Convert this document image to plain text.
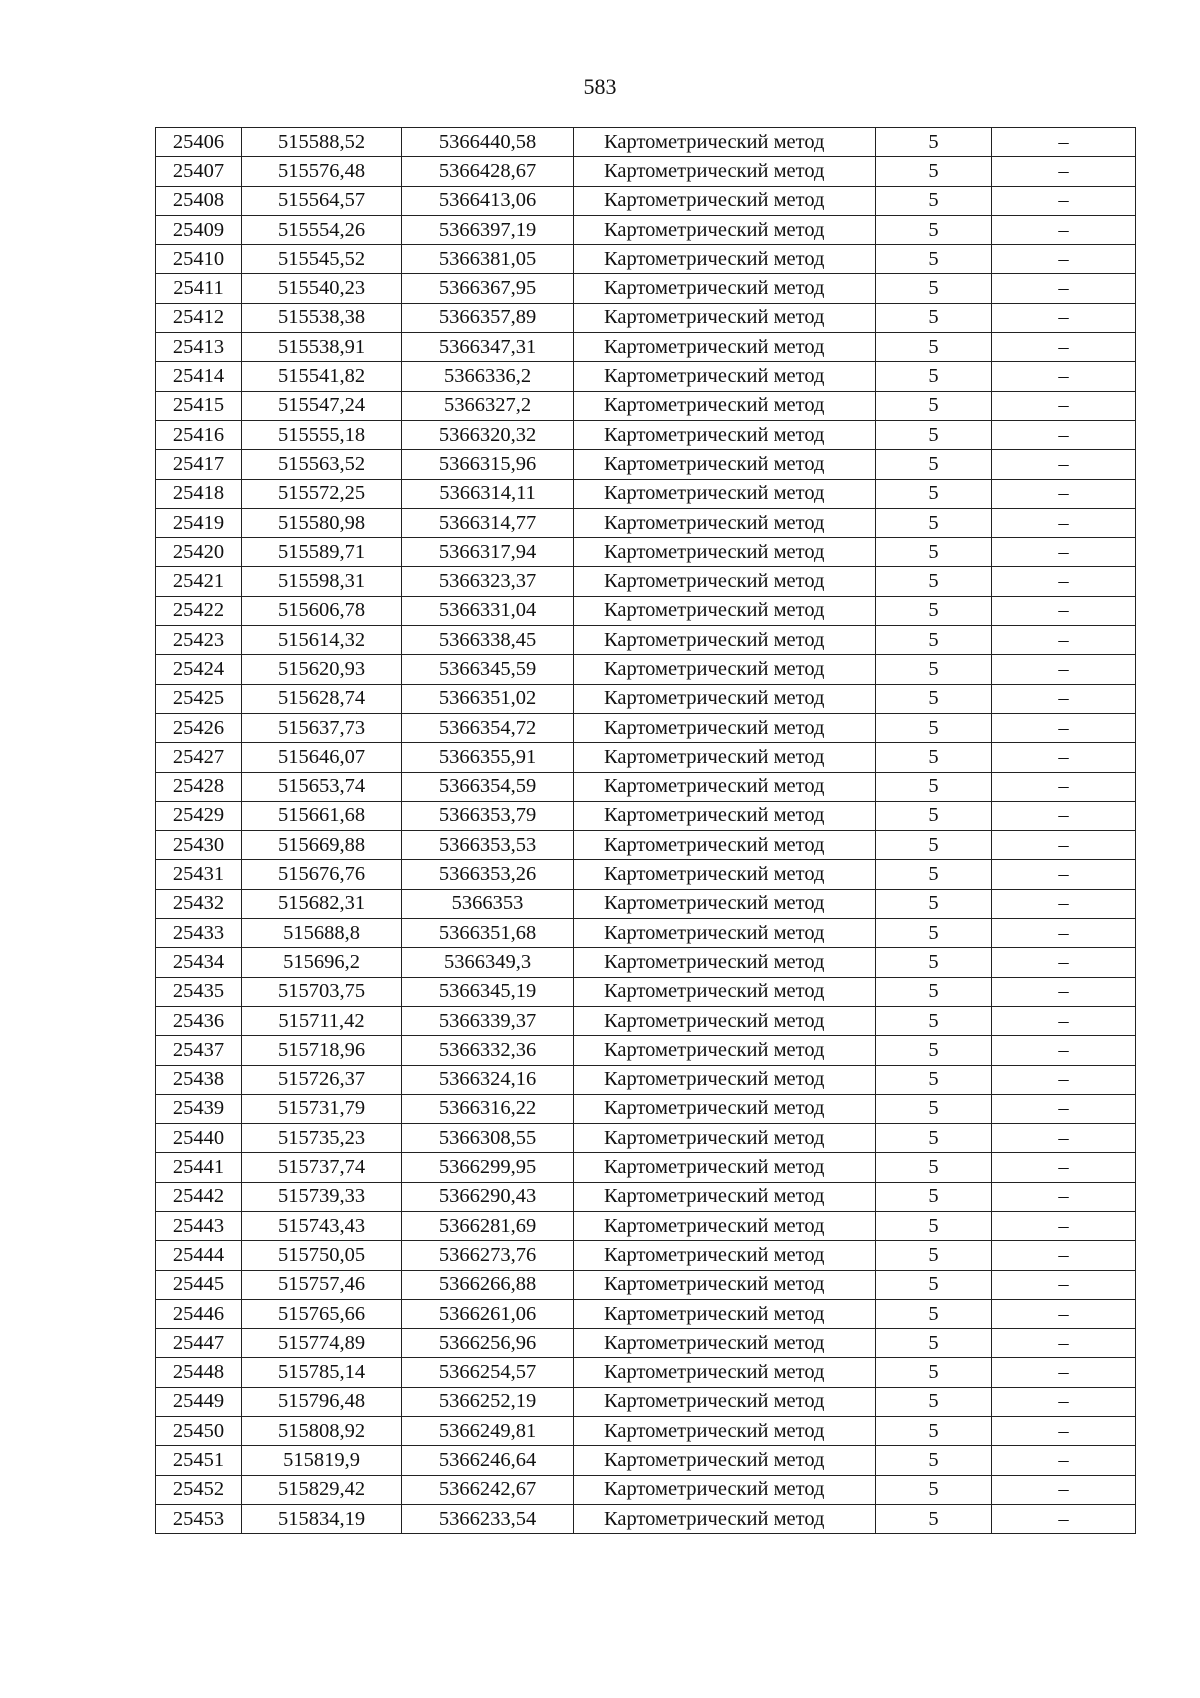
583
25406	515588,52	5366440,58	Картометрический метод	5	–
25407	515576,48	5366428,67	Картометрический метод	5	–
25408	515564,57	5366413,06	Картометрический метод	5	–
25409	515554,26	5366397,19	Картометрический метод	5	–
25410	515545,52	5366381,05	Картометрический метод	5	–
25411	515540,23	5366367,95	Картометрический метод	5	–
25412	515538,38	5366357,89	Картометрический метод	5	–
25413	515538,91	5366347,31	Картометрический метод	5	–
25414	515541,82	5366336,2	Картометрический метод	5	–
25415	515547,24	5366327,2	Картометрический метод	5	–
25416	515555,18	5366320,32	Картометрический метод	5	–
25417	515563,52	5366315,96	Картометрический метод	5	–
25418	515572,25	5366314,11	Картометрический метод	5	–
25419	515580,98	5366314,77	Картометрический метод	5	–
25420	515589,71	5366317,94	Картометрический метод	5	–
25421	515598,31	5366323,37	Картометрический метод	5	–
25422	515606,78	5366331,04	Картометрический метод	5	–
25423	515614,32	5366338,45	Картометрический метод	5	–
25424	515620,93	5366345,59	Картометрический метод	5	–
25425	515628,74	5366351,02	Картометрический метод	5	–
25426	515637,73	5366354,72	Картометрический метод	5	–
25427	515646,07	5366355,91	Картометрический метод	5	–
25428	515653,74	5366354,59	Картометрический метод	5	–
25429	515661,68	5366353,79	Картометрический метод	5	–
25430	515669,88	5366353,53	Картометрический метод	5	–
25431	515676,76	5366353,26	Картометрический метод	5	–
25432	515682,31	5366353	Картометрический метод	5	–
25433	515688,8	5366351,68	Картометрический метод	5	–
25434	515696,2	5366349,3	Картометрический метод	5	–
25435	515703,75	5366345,19	Картометрический метод	5	–
25436	515711,42	5366339,37	Картометрический метод	5	–
25437	515718,96	5366332,36	Картометрический метод	5	–
25438	515726,37	5366324,16	Картометрический метод	5	–
25439	515731,79	5366316,22	Картометрический метод	5	–
25440	515735,23	5366308,55	Картометрический метод	5	–
25441	515737,74	5366299,95	Картометрический метод	5	–
25442	515739,33	5366290,43	Картометрический метод	5	–
25443	515743,43	5366281,69	Картометрический метод	5	–
25444	515750,05	5366273,76	Картометрический метод	5	–
25445	515757,46	5366266,88	Картометрический метод	5	–
25446	515765,66	5366261,06	Картометрический метод	5	–
25447	515774,89	5366256,96	Картометрический метод	5	–
25448	515785,14	5366254,57	Картометрический метод	5	–
25449	515796,48	5366252,19	Картометрический метод	5	–
25450	515808,92	5366249,81	Картометрический метод	5	–
25451	515819,9	5366246,64	Картометрический метод	5	–
25452	515829,42	5366242,67	Картометрический метод	5	–
25453	515834,19	5366233,54	Картометрический метод	5	–
